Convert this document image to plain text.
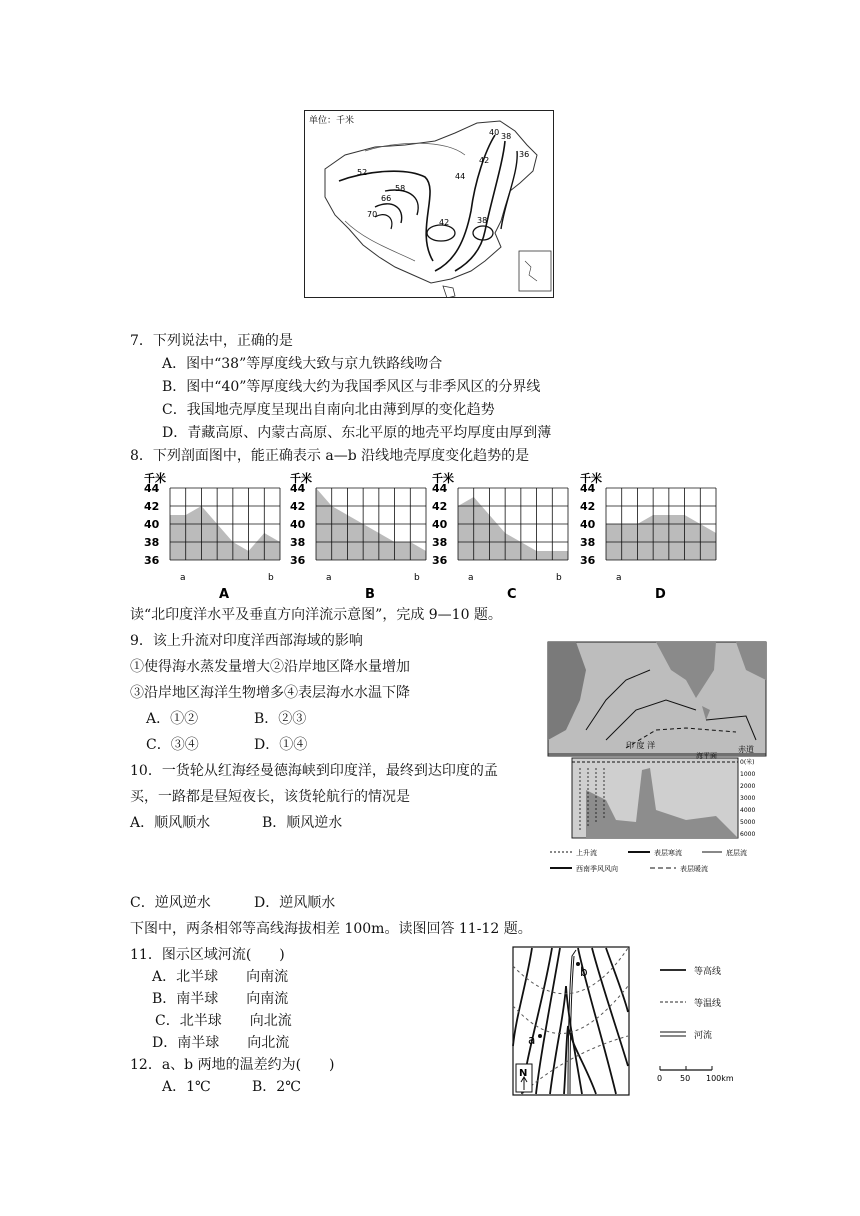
单位：千米
52
58
66
70
40 38
36
42
44
42	38
7．下列说法中，正确的是
A．图中“38”等厚度线大致与京九铁路线吻合
B．图中“40”等厚度线大约为我国季风区与非季风区的分界线
C．我国地壳厚度呈现出自南向北由薄到厚的变化趋势
D．青藏高原、内蒙古高原、东北平原的地壳平均厚度由厚到薄
8．下列剖面图中，能正确表示 a—b 沿线地壳厚度变化趋势的是
44
42
40
38
36
千米
a	b
A
44
42
40
38
36
千米
a	b
B
44
42
40
38
36
千米
a	b
C
44
42
40
38
36
千米
a
D
读“北印度洋水平及垂直方向洋流示意图”，完成 9—10 题。
9．该上升流对印度洋西部海域的影响
①使得海水蒸发量增大②沿岸地区降水量增加
③沿岸地区海洋生物增多④表层海水水温下降
A．①②	B．②③
C．③④	D．①④
10．一货轮从红海经曼德海峡到印度洋，最终到达印度的孟
买，一路都是昼短夜长，该货轮航行的情况是
A．顺风顺水	B．顺风逆水
C．逆风逆水	D．逆风顺水
印 度 洋	赤道
海平面
0(米)
1000
2000
3000
4000
5000
6000
上升流	表层寒流	底层流
西南季风风向	表层暖流
下图中，两条相邻等高线海拔相差 100m。读图回答 11-12 题。
11．图示区域河流(　　)
A．北半球　　向南流
B．南半球　　向南流
C．北半球　　向北流
D．南半球　　向北流
12．a、b 两地的温差约为(　　)
A．1℃	B．2℃
a
b
N
等高线
等温线
河流
0 50 100km
